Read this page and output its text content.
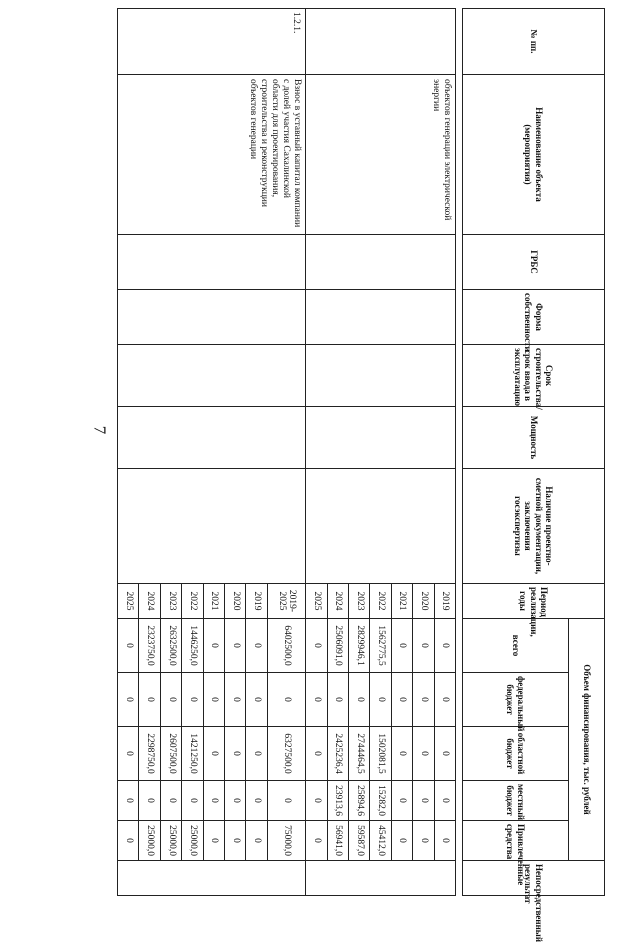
7
№ пп.	Наименование объекта (мероприятия)	ГРБС	Форма собственности	Срок строительства/ срок ввода в эксплуатацию	Мощность	Наличие проектно-сметной документации, заключения госэкспертизы	Период реализации, годы	Объем финансирования, тыс. рублей					Непосредственный результат
								всего	федеральный бюджет	областной бюджет	местный бюджет	Привлеченные средства	

	объектов генерации электрической энергии						2019	0	0	0	0	0	
							2020	0	0	0	0	0	
							2021	0	0	0	0	0	
							2022	1562775,5	0	1502081,5	15282,0	45412,0	
							2023	2829946,1	0	2744464,5	25894,6	59587,0	
							2024	2506091,0	0	2425236,4	23913,6	56941,0	
							2025	0	0	0	0	0	
1.2.1.	Взнос в уставный капитал компании с долей участия Сахалинской области для проектирования, строительства и реконструкции объектов генерации						2019-2025	6402500,0	0	6327500,0	0	75000,0	
							2019	0	0	0	0	0	
							2020	0	0	0	0	0	
							2021	0	0	0	0	0	
							2022	1446250,0	0	1421250,0	0	25000,0	
							2023	2632500,0	0	2607500,0	0	25000,0	
							2024	2323750,0	0	2298750,0	0	25000,0	
							2025	0	0	0	0	0	
